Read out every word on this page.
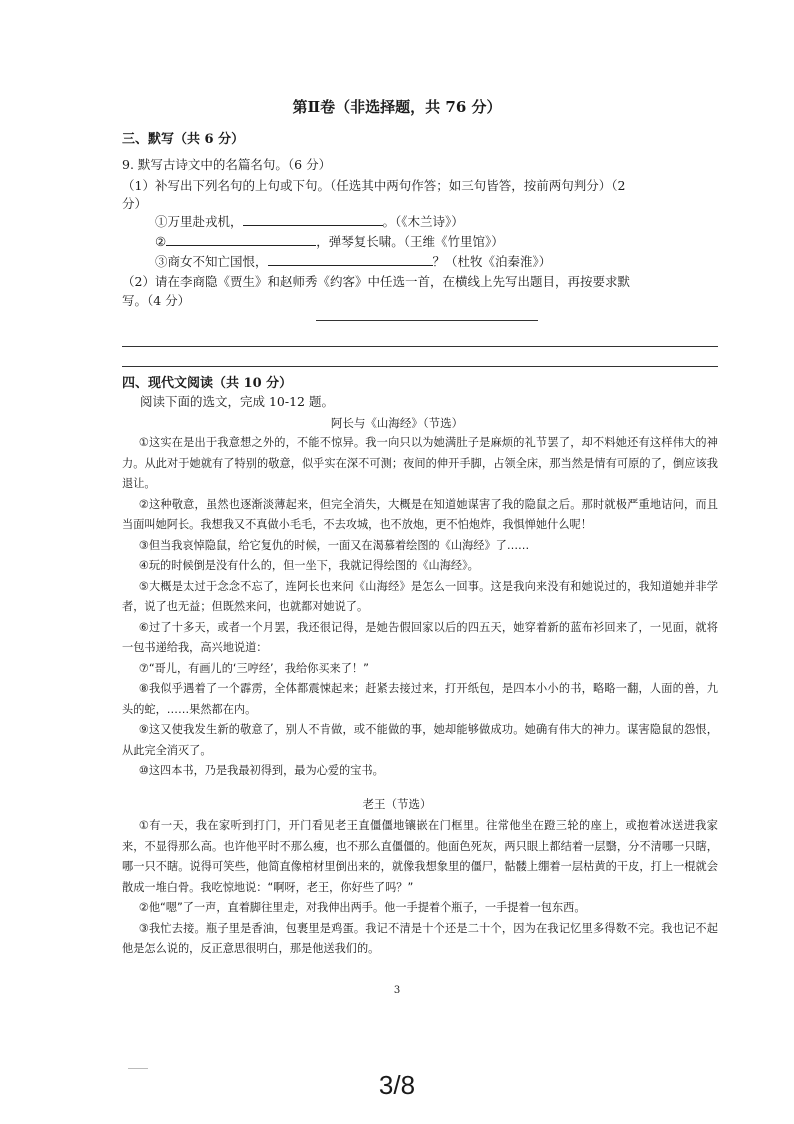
第Ⅱ卷（非选择题，共 76 分）
三、默写（共 6 分）
9. 默写古诗文中的名篇名句。（6 分）
（1）补写出下列名句的上句或下句。（任选其中两句作答；如三句皆答，按前两句判分）（2
分）
①万里赴戎机，	。（《木兰诗》）
②	，弹琴复长啸。（王维《竹里馆》）
③商女不知亡国恨，	？（杜牧《泊秦淮》）
（2）请在李商隐《贾生》和赵师秀《约客》中任选一首，在横线上先写出题目，再按要求默
写。（4 分）
四、现代文阅读（共 10 分）
阅读下面的选文，完成 10-12 题。
阿长与《山海经》（节选）

①这实在是出于我意想之外的，不能不惊异。我一向只以为她满肚子是麻烦的礼节罢了，却不料她还有这样伟大的神力。从此对于她就有了特别的敬意，似乎实在深不可测；夜间的伸开手脚，占领全床，那当然是情有可原的了，倒应该我退让。

②这种敬意，虽然也逐渐淡薄起来，但完全消失，大概是在知道她谋害了我的隐鼠之后。那时就极严重地诘问，而且当面叫她阿长。我想我又不真做小毛毛，不去攻城，也不放炮，更不怕炮炸，我惧惮她什么呢！

③但当我哀悼隐鼠，给它复仇的时候，一面又在渴慕着绘图的《山海经》了……

④玩的时候倒是没有什么的，但一坐下，我就记得绘图的《山海经》。

⑤大概是太过于念念不忘了，连阿长也来问《山海经》是怎么一回事。这是我向来没有和她说过的，我知道她并非学者，说了也无益；但既然来问，也就都对她说了。

⑥过了十多天，或者一个月罢，我还很记得，是她告假回家以后的四五天，她穿着新的蓝布衫回来了，一见面，就将一包书递给我，高兴地说道：

⑦“哥儿，有画儿的‘三哼经’，我给你买来了！”

⑧我似乎遇着了一个霹雳，全体都震悚起来；赶紧去接过来，打开纸包，是四本小小的书，略略一翻，人面的兽，九头的蛇，……果然都在内。

⑨这又使我发生新的敬意了，别人不肯做，或不能做的事，她却能够做成功。她确有伟大的神力。谋害隐鼠的怨恨，从此完全消灭了。

⑩这四本书，乃是我最初得到，最为心爱的宝书。

老王（节选）

①有一天，我在家听到打门，开门看见老王直僵僵地镶嵌在门框里。往常他坐在蹬三轮的座上，或抱着冰送进我家来，不显得那么高。也许他平时不那么瘦，也不那么直僵僵的。他面色死灰，两只眼上都结着一层翳，分不清哪一只瞎，哪一只不瞎。说得可笑些，他简直像棺材里倒出来的，就像我想象里的僵尸，骷髅上绷着一层枯黄的干皮，打上一棍就会散成一堆白骨。我吃惊地说：“啊呀，老王，你好些了吗？”

②他“嗯”了一声，直着脚往里走，对我伸出两手。他一手提着个瓶子，一手提着一包东西。

③我忙去接。瓶子里是香油，包裹里是鸡蛋。我记不清是十个还是二十个，因为在我记忆里多得数不完。我也记不起他是怎么说的，反正意思很明白，那是他送我们的。

3
3/8
